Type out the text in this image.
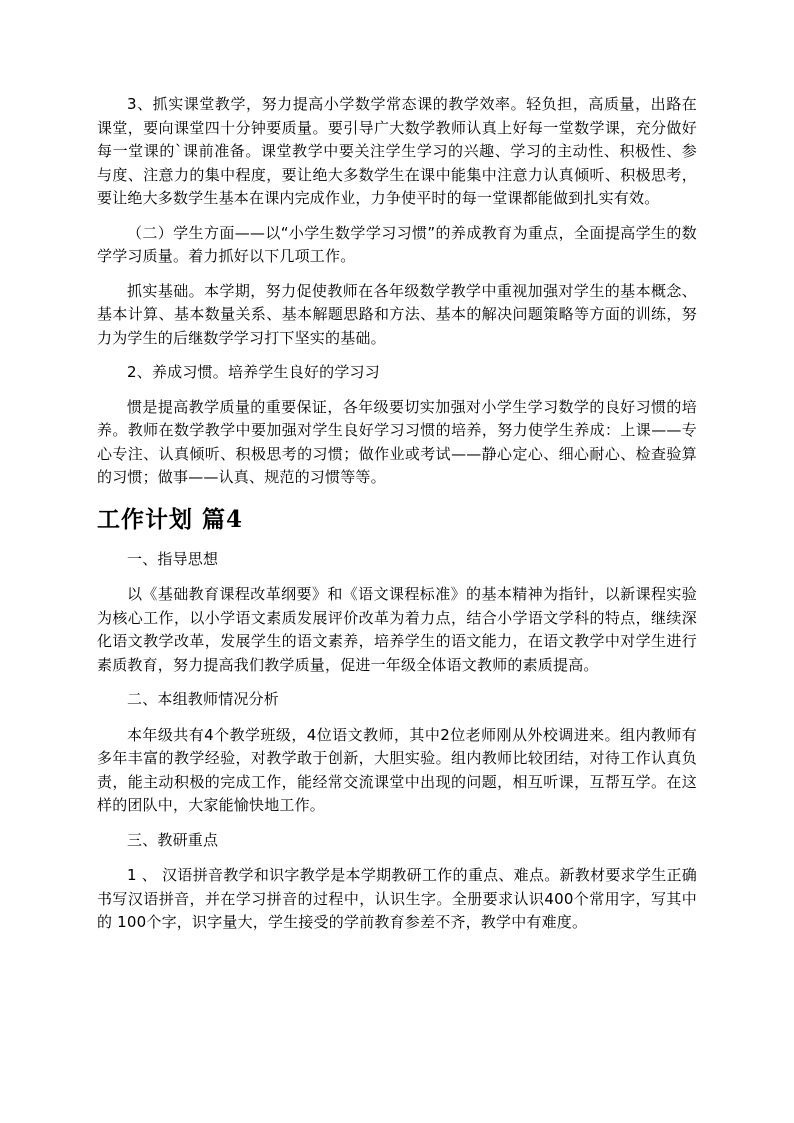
3、抓实课堂教学，努力提高小学数学常态课的教学效率。轻负担，高质量，出路在课堂，要向课堂四十分钟要质量。要引导广大数学教师认真上好每一堂数学课，充分做好每一堂课的`课前准备。课堂教学中要关注学生学习的兴趣、学习的主动性、积极性、参与度、注意力的集中程度，要让绝大多数学生在课中能集中注意力认真倾听、积极思考，要让绝大多数学生基本在课内完成作业，力争使平时的每一堂课都能做到扎实有效。

（二）学生方面——以“小学生数学学习习惯”的养成教育为重点，全面提高学生的数学学习质量。着力抓好以下几项工作。

抓实基础。本学期，努力促使教师在各年级数学教学中重视加强对学生的基本概念、基本计算、基本数量关系、基本解题思路和方法、基本的解决问题策略等方面的训练，努力为学生的后继数学学习打下坚实的基础。

2、养成习惯。培养学生良好的学习习

惯是提高教学质量的重要保证，各年级要切实加强对小学生学习数学的良好习惯的培养。教师在数学教学中要加强对学生良好学习习惯的培养，努力使学生养成：上课——专心专注、认真倾听、积极思考的习惯；做作业或考试——静心定心、细心耐心、检查验算的习惯；做事——认真、规范的习惯等等。

工作计划 篇4

一、指导思想

以《基础教育课程改革纲要》和《语文课程标准》的基本精神为指针，以新课程实验为核心工作，以小学语文素质发展评价改革为着力点，结合小学语文学科的特点，继续深化语文教学改革，发展学生的语文素养，培养学生的语文能力，在语文教学中对学生进行素质教育，努力提高我们教学质量，促进一年级全体语文教师的素质提高。

二、本组教师情况分析

本年级共有4个教学班级，4位语文教师，其中2位老师刚从外校调进来。组内教师有多年丰富的教学经验，对教学敢于创新，大胆实验。组内教师比较团结，对待工作认真负责，能主动积极的完成工作，能经常交流课堂中出现的问题，相互听课，互帮互学。在这样的团队中，大家能愉快地工作。

三、教研重点

1 、 汉语拼音教学和识字教学是本学期教研工作的重点、难点。新教材要求学生正确书写汉语拼音，并在学习拼音的过程中，认识生字。全册要求认识400个常用字，写其中的 100个字，识字量大，学生接受的学前教育参差不齐，教学中有难度。
